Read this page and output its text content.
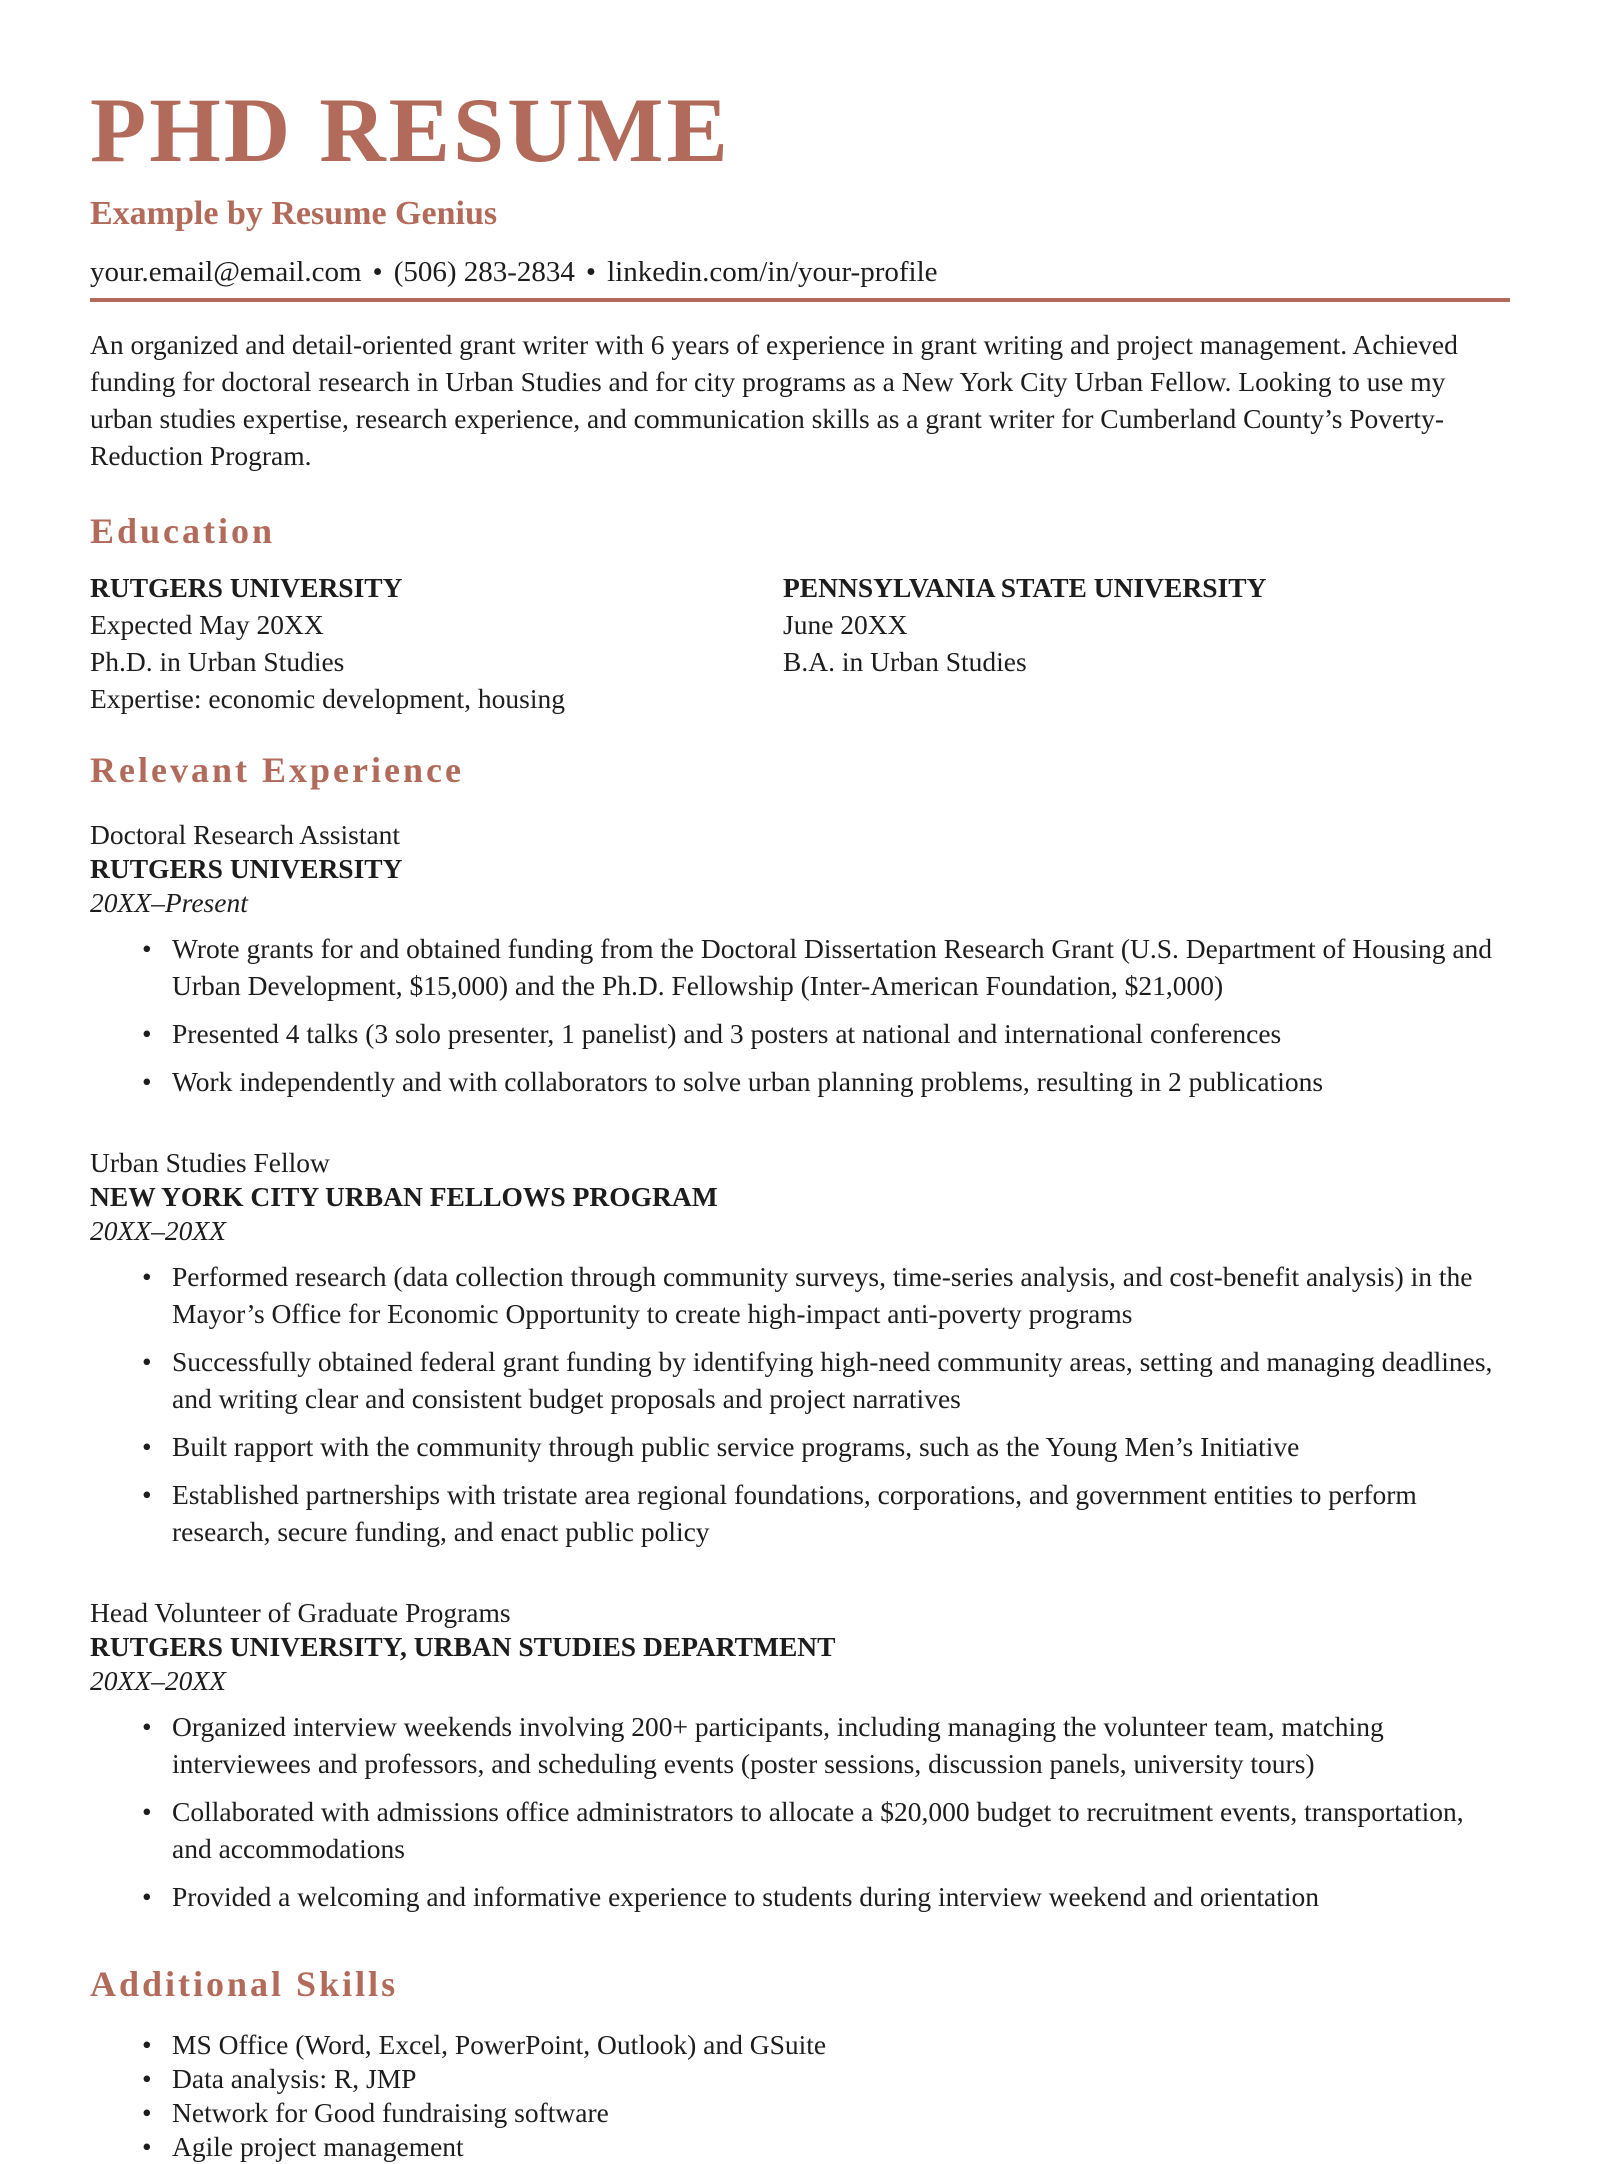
PHD RESUME
Example by Resume Genius
your.email@email.com • (506) 283-2834 • linkedin.com/in/your-profile

An organized and detail-oriented grant writer with 6 years of experience in grant writing and project management. Achieved funding for doctoral research in Urban Studies and for city programs as a New York City Urban Fellow. Looking to use my urban studies expertise, research experience, and communication skills as a grant writer for Cumberland County’s Poverty-Reduction Program.

Education
RUTGERS UNIVERSITY
Expected May 20XX
Ph.D. in Urban Studies
Expertise: economic development, housing
PENNSYLVANIA STATE UNIVERSITY
June 20XX
B.A. in Urban Studies
Relevant Experience
Doctoral Research Assistant
RUTGERS UNIVERSITY
20XX–Present
• Wrote grants for and obtained funding from the Doctoral Dissertation Research Grant (U.S. Department of Housing and Urban Development, $15,000) and the Ph.D. Fellowship (Inter-American Foundation, $21,000)
• Presented 4 talks (3 solo presenter, 1 panelist) and 3 posters at national and international conferences
• Work independently and with collaborators to solve urban planning problems, resulting in 2 publications
Urban Studies Fellow
NEW YORK CITY URBAN FELLOWS PROGRAM
20XX–20XX
• Performed research (data collection through community surveys, time-series analysis, and cost-benefit analysis) in the Mayor’s Office for Economic Opportunity to create high-impact anti-poverty programs
• Successfully obtained federal grant funding by identifying high-need community areas, setting and managing deadlines, and writing clear and consistent budget proposals and project narratives
• Built rapport with the community through public service programs, such as the Young Men’s Initiative
• Established partnerships with tristate area regional foundations, corporations, and government entities to perform research, secure funding, and enact public policy
Head Volunteer of Graduate Programs
RUTGERS UNIVERSITY, URBAN STUDIES DEPARTMENT
20XX–20XX
• Organized interview weekends involving 200+ participants, including managing the volunteer team, matching interviewees and professors, and scheduling events (poster sessions, discussion panels, university tours)
• Collaborated with admissions office administrators to allocate a $20,000 budget to recruitment events, transportation, and accommodations
• Provided a welcoming and informative experience to students during interview weekend and orientation
Additional Skills
• MS Office (Word, Excel, PowerPoint, Outlook) and GSuite
• Data analysis: R, JMP
• Network for Good fundraising software
• Agile project management
